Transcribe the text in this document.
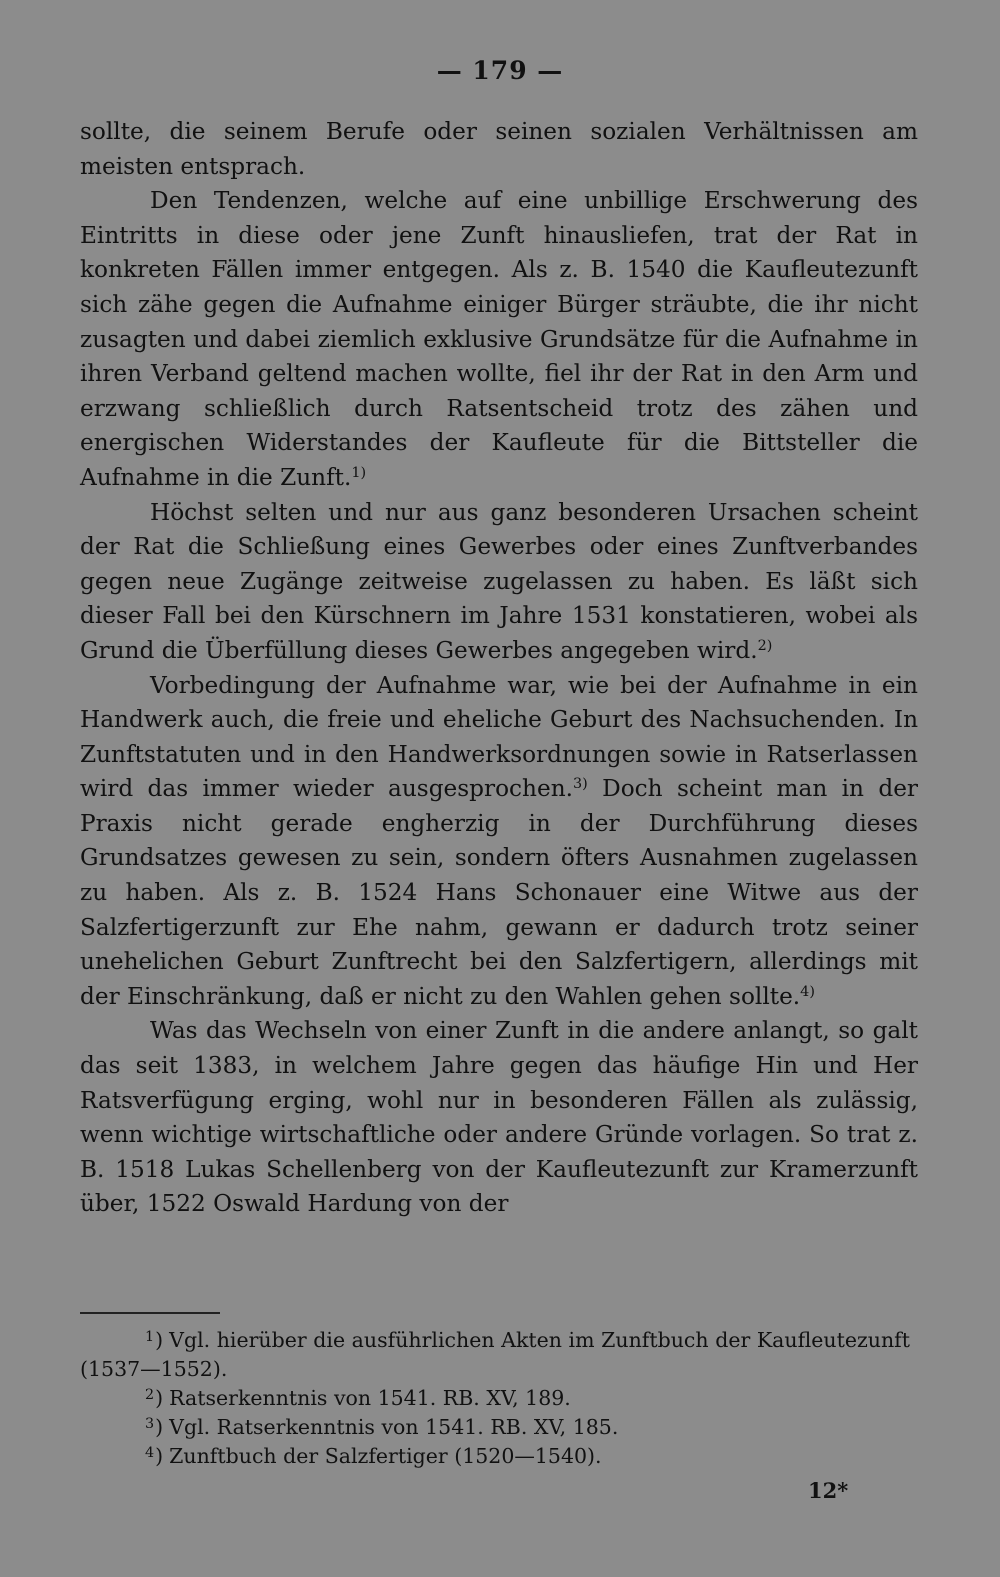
— 179 —

sollte, die seinem Berufe oder seinen sozialen Verhältnissen am meisten entsprach.

Den Tendenzen, welche auf eine unbillige Erschwerung des Eintritts in diese oder jene Zunft hinausliefen, trat der Rat in konkreten Fällen immer entgegen. Als z. B. 1540 die Kaufleutezunft sich zähe gegen die Aufnahme einiger Bürger sträubte, die ihr nicht zusagten und dabei ziemlich exklusive Grundsätze für die Aufnahme in ihren Verband geltend machen wollte, fiel ihr der Rat in den Arm und erzwang schließlich durch Ratsentscheid trotz des zähen und energischen Widerstandes der Kaufleute für die Bittsteller die Aufnahme in die Zunft.$^{1)}$

Höchst selten und nur aus ganz besonderen Ursachen scheint der Rat die Schließung eines Gewerbes oder eines Zunftverbandes gegen neue Zugänge zeitweise zugelassen zu haben. Es läßt sich dieser Fall bei den Kürschnern im Jahre 1531 konstatieren, wobei als Grund die Überfüllung dieses Gewerbes angegeben wird.$^{2)}$

Vorbedingung der Aufnahme war, wie bei der Aufnahme in ein Handwerk auch, die freie und eheliche Geburt des Nachsuchenden. In Zunftstatuten und in den Handwerksordnungen sowie in Ratserlassen wird das immer wieder ausgesprochen.$^{3)}$ Doch scheint man in der Praxis nicht gerade engherzig in der Durchführung dieses Grundsatzes gewesen zu sein, sondern öfters Ausnahmen zugelassen zu haben. Als z. B. 1524 Hans Schonauer eine Witwe aus der Salzfertigerzunft zur Ehe nahm, gewann er dadurch trotz seiner unehelichen Geburt Zunftrecht bei den Salzfertigern, allerdings mit der Einschränkung, daß er nicht zu den Wahlen gehen sollte.$^{4)}$

Was das Wechseln von einer Zunft in die andere anlangt, so galt das seit 1383, in welchem Jahre gegen das häufige Hin und Her Ratsverfügung erging, wohl nur in besonderen Fällen als zulässig, wenn wichtige wirtschaftliche oder andere Gründe vorlagen. So trat z. B. 1518 Lukas Schellenberg von der Kaufleutezunft zur Kramerzunft über, 1522 Oswald Hardung von der

$^1$) Vgl. hierüber die ausführlichen Akten im Zunftbuch der Kaufleutezunft (1537—1552).

$^2$) Ratserkenntnis von 1541. RB. XV, 189.

$^3$) Vgl. Ratserkenntnis von 1541. RB. XV, 185.

$^4$) Zunftbuch der Salzfertiger (1520—1540).

12*
